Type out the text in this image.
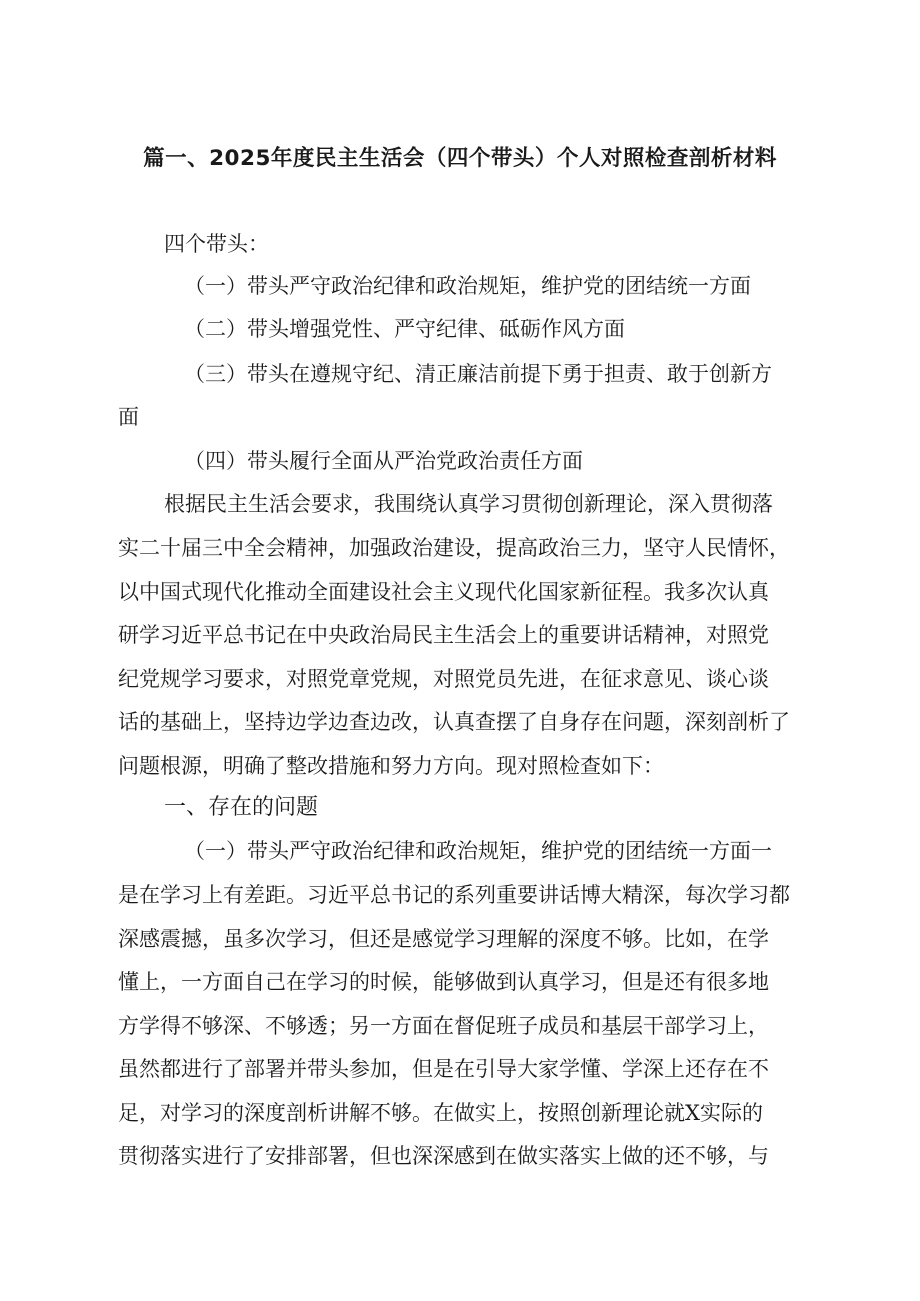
篇一、2025年度民主生活会（四个带头）个人对照检查剖析材料
四个带头：
（一）带头严守政治纪律和政治规矩，维护党的团结统一方面
（二）带头增强党性、严守纪律、砥砺作风方面
（三）带头在遵规守纪、清正廉洁前提下勇于担责、敢于创新方
面
（四）带头履行全面从严治党政治责任方面
根据民主生活会要求，我围绕认真学习贯彻创新理论，深入贯彻落
实二十届三中全会精神，加强政治建设，提高政治三力，坚守人民情怀，
以中国式现代化推动全面建设社会主义现代化国家新征程。我多次认真
研学习近平总书记在中央政治局民主生活会上的重要讲话精神，对照党
纪党规学习要求，对照党章党规，对照党员先进，在征求意见、谈心谈
话的基础上，坚持边学边查边改，认真查摆了自身存在问题，深刻剖析了
问题根源，明确了整改措施和努力方向。现对照检查如下：
一、存在的问题
（一）带头严守政治纪律和政治规矩，维护党的团结统一方面一
是在学习上有差距。习近平总书记的系列重要讲话博大精深，每次学习都
深感震撼，虽多次学习，但还是感觉学习理解的深度不够。比如，在学
懂上，一方面自己在学习的时候，能够做到认真学习，但是还有很多地
方学得不够深、不够透；另一方面在督促班子成员和基层干部学习上，
虽然都进行了部署并带头参加，但是在引导大家学懂、学深上还存在不
足，对学习的深度剖析讲解不够。在做实上，按照创新理论就X实际的
贯彻落实进行了安排部署，但也深深感到在做实落实上做的还不够，与
